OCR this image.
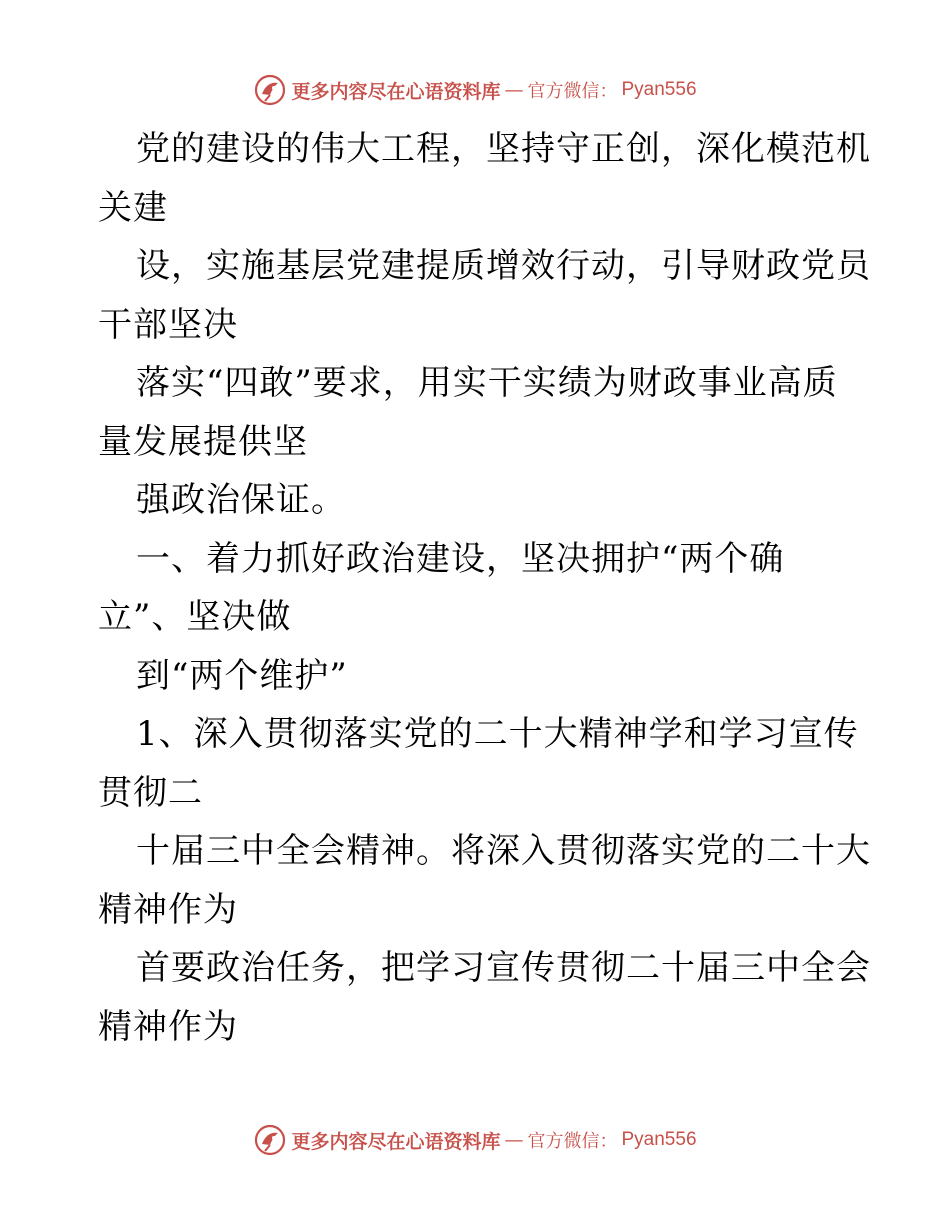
更多内容尽在心语资料库 — 官方微信： Pyan556
党的建设的伟大工程，坚持守正创，深化模范机
关建
设，实施基层党建提质增效行动，引导财政党员
干部坚决
落实“四敢”要求，用实干实绩为财政事业高质
量发展提供坚
强政治保证。
一、着力抓好政治建设，坚决拥护“两个确
立”、坚决做
到“两个维护”
1、深入贯彻落实党的二十大精神学和学习宣传
贯彻二
十届三中全会精神。将深入贯彻落实党的二十大
精神作为
首要政治任务，把学习宣传贯彻二十届三中全会
精神作为
更多内容尽在心语资料库 — 官方微信： Pyan556
